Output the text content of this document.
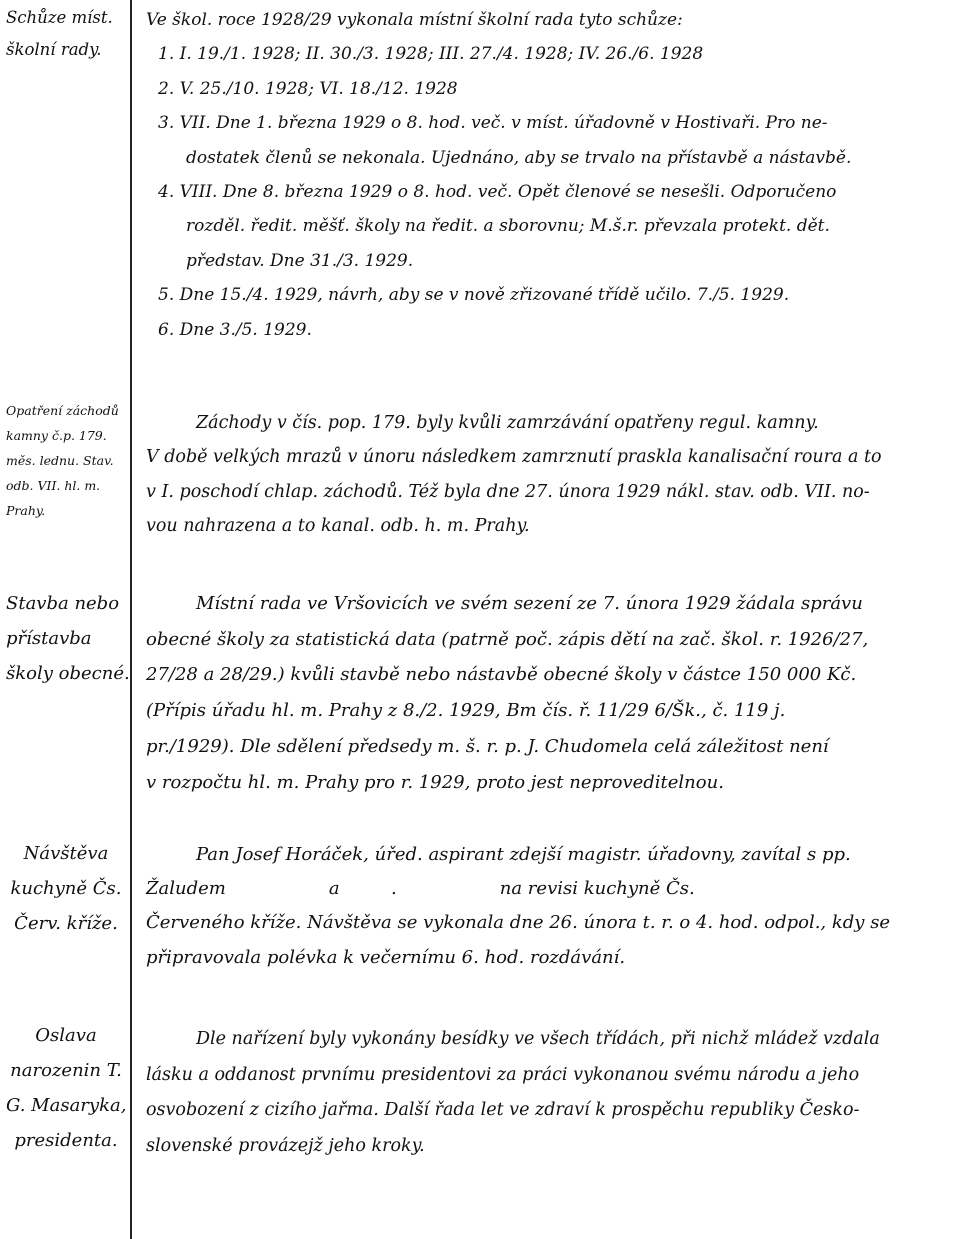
Schůze míst.
školní rady.
Opatření záchodů
kamny č.p. 179.
měs. lednu. Stav.
odb. VII. hl. m.
Prahy.
Stavba nebo
přístavba
školy obecné.
Návštěva
kuchyně Čs.
Červ. kříže.
Oslava
narozenin T.
G. Masaryka,
presidenta.
Ve škol. roce 1928/29 vykonala místní školní rada tyto schůze:
1. I. 19./1. 1928; II. 30./3. 1928; III. 27./4. 1928; IV. 26./6. 1928
2. V. 25./10. 1928; VI. 18./12. 1928
3. VII. Dne 1. března 1929 o 8. hod. več. v míst. úřadovně v Hostivaři. Pro ne-
dostatek členů se nekonala. Ujednáno, aby se trvalo na přístavbě a nástavbě.
4. VIII. Dne 8. března 1929 o 8. hod. več. Opět členové se nesešli. Odporučeno
rozděl. ředit. měšť. školy na ředit. a sborovnu; M.š.r. převzala protekt. dět.
představ. Dne 31./3. 1929.
5. Dne 15./4. 1929, návrh, aby se v nově zřizované třídě učilo. 7./5. 1929.
6. Dne 3./5. 1929.
Záchody v čís. pop. 179. byly kvůli zamrzávání opatřeny regul. kamny.
V době velkých mrazů v únoru následkem zamrznutí praskla kanalisační roura a to
v I. poschodí chlap. záchodů. Též byla dne 27. února 1929 nákl. stav. odb. VII. no-
vou nahrazena a to kanal. odb. h. m. Prahy.
Místní rada ve Vršovicích ve svém sezení ze 7. února 1929 žádala správu
obecné školy za statistická data (patrně poč. zápis dětí na zač. škol. r. 1926/27,
27/28 a 28/29.) kvůli stavbě nebo nástavbě obecné školy v částce 150 000 Kč.
(Přípis úřadu hl. m. Prahy z 8./2. 1929, Bm čís. ř. 11/29 6/Šk., č. 119 j.
pr./1929). Dle sdělení předsedy m. š. r. p. J. Chudomela celá záležitost není
v rozpočtu hl. m. Prahy pro r. 1929, proto jest neproveditelnou.
Pan Josef Horáček, úřed. aspirant zdejší magistr. úřadovny, zavítal s pp.
Žaludem                  a         .                  na revisi kuchyně Čs.
Červeného kříže. Návštěva se vykonala dne 26. února t. r. o 4. hod. odpol., kdy se
připravovala polévka k večernímu 6. hod. rozdávání.
Dle nařízení byly vykonány besídky ve všech třídách, při nichž mládež vzdala
lásku a oddanost prvnímu presidentovi za práci vykonanou svému národu a jeho
osvobození z cizího jařma. Další řada let ve zdraví k prospěchu republiky Česko-
slovenské provázejž jeho kroky.
